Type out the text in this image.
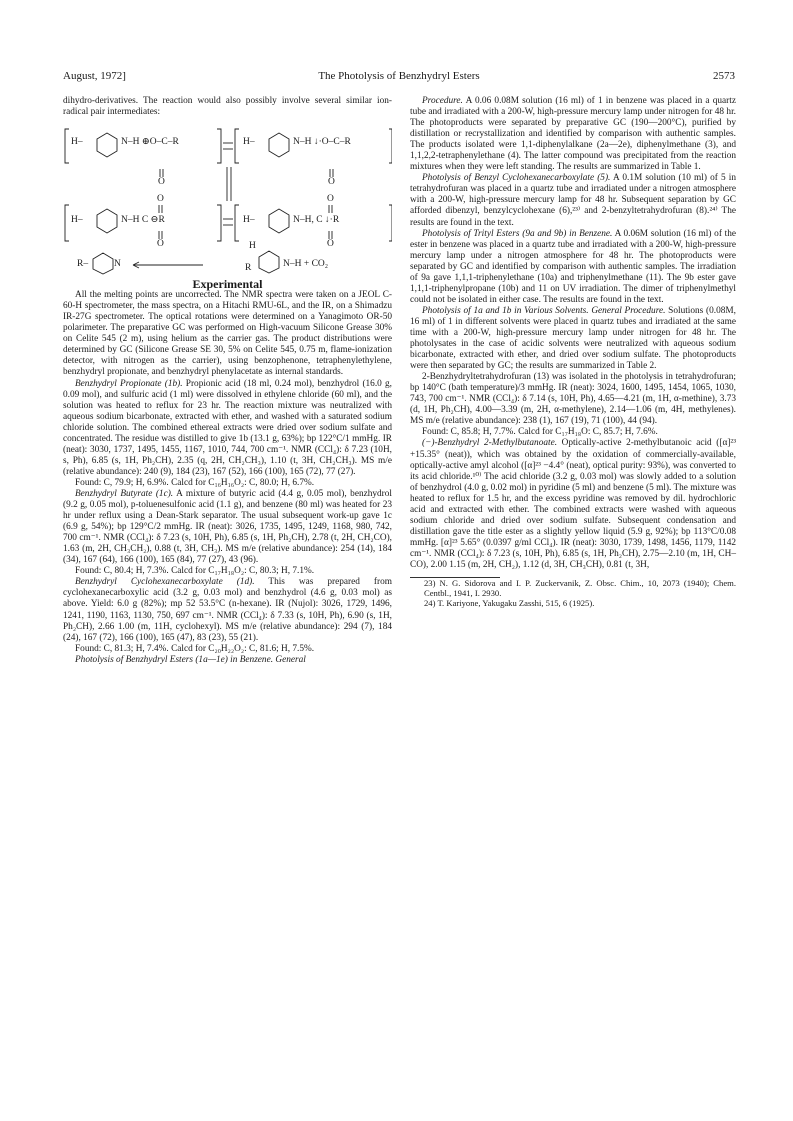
August, 1972]	The Photolysis of Benzhydryl Esters	2573

dihydro-derivatives. The reaction would also possibly involve several similar ion-radical pair intermediates:

H–	N–H ⊕O–C–R	H–	N–H ↓·O–C–R
O	O
O	O
H–	N–H C ⊖R	H–	N–H, C ↓·R
O	O
H
R–	N	R	N–H + CO₂

Experimental

All the melting points are uncorrected. The NMR spectra were taken on a JEOL C-60-H spectrometer, the mass spectra, on a Hitachi RMU-6L, and the IR, on a Shimadzu IR-27G spectrometer. The optical rotations were determined on a Yanagimoto OR-50 polarimeter. The preparative GC was performed on High-vacuum Silicone Grease 30% on Celite 545 (2 m), using helium as the carrier gas. The product distributions were determined by GC (Silicone Grease SE 30, 5% on Celite 545, 0.75 m, flame-ionization detector, with nitrogen as the carrier), using benzophenone, tetraphenylethylene, benzhydryl propionate, and benzhydryl phenylacetate as internal standards.

Benzhydryl Propionate (1b). Propionic acid (18 ml, 0.24 mol), benzhydrol (16.0 g, 0.09 mol), and sulfuric acid (1 ml) were dissolved in ethylene chloride (60 ml), and the solution was heated to reflux for 23 hr. The reaction mixture was neutralized with aqueous sodium bicarbonate, extracted with ether, and washed with a saturated sodium chloride solution. The combined ethereal extracts were dried over sodium sulfate and concentrated. The residue was distilled to give 1b (13.1 g, 63%); bp 122°C/1 mmHg. IR (neat): 3030, 1737, 1495, 1455, 1167, 1010, 744, 700 cm⁻¹. NMR (CCl₄): δ 7.23 (10H, s, Ph), 6.85 (s, 1H, Ph₂CH), 2.35 (q, 2H, CH₂CH₃), 1.10 (t, 3H, CH₂CH₃). MS m/e (relative abundance): 240 (9), 184 (23), 167 (52), 166 (100), 165 (72), 77 (27).

Found: C, 79.9; H, 6.9%. Calcd for C₁₆H₁₆O₂: C, 80.0; H, 6.7%.

Benzhydryl Butyrate (1c). A mixture of butyric acid (4.4 g, 0.05 mol), benzhydrol (9.2 g, 0.05 mol), p-toluenesulfonic acid (1.1 g), and benzene (80 ml) was heated for 23 hr under reflux using a Dean-Stark separator. The usual subsequent work-up gave 1c (6.9 g, 54%); bp 129°C/2 mmHg. IR (neat): 3026, 1735, 1495, 1249, 1168, 980, 742, 700 cm⁻¹. NMR (CCl₄): δ 7.23 (s, 10H, Ph), 6.85 (s, 1H, Ph₂CH), 2.78 (t, 2H, CH₂CO), 1.63 (m, 2H, CH₃CH₂), 0.88 (t, 3H, CH₃). MS m/e (relative abundance): 254 (14), 184 (34), 167 (64), 166 (100), 165 (84), 77 (27), 43 (96).

Found: C, 80.4; H, 7.3%. Calcd for C₁₇H₁₈O₂: C, 80.3; H, 7.1%.

Benzhydryl Cyclohexanecarboxylate (1d). This was prepared from cyclohexanecarboxylic acid (3.2 g, 0.03 mol) and benzhydrol (4.6 g, 0.03 mol) as above. Yield: 6.0 g (82%); mp 52 53.5°C (n-hexane). IR (Nujol): 3026, 1729, 1496, 1241, 1190, 1163, 1130, 750, 697 cm⁻¹. NMR (CCl₄): δ 7.33 (s, 10H, Ph), 6.90 (s, 1H, Ph₂CH), 2.66 1.00 (m, 11H, cyclohexyl). MS m/e (relative abundance): 294 (7), 184 (24), 167 (72), 166 (100), 165 (47), 83 (23), 55 (21).

Found: C, 81.3; H, 7.4%. Calcd for C₂₀H₂₂O₂: C, 81.6; H, 7.5%.

Photolysis of Benzhydryl Esters (1a—1e) in Benzene. General

Procedure. A 0.06 0.08M solution (16 ml) of 1 in benzene was placed in a quartz tube and irradiated with a 200-W, high-pressure mercury lamp under nitrogen for 48 hr. The photoproducts were separated by preparative GC (190—200°C), purified by distillation or recrystallization and identified by comparison with authentic samples. The products isolated were 1,1-diphenylalkane (2a—2e), diphenylmethane (3), and 1,1,2,2-tetraphenylethane (4). The latter compound was precipitated from the reaction mixtures when they were left standing. The results are summarized in Table 1.

Photolysis of Benzyl Cyclohexanecarboxylate (5). A 0.1M solution (10 ml) of 5 in tetrahydrofuran was placed in a quartz tube and irradiated under a nitrogen atmosphere with a 200-W, high-pressure mercury lamp for 48 hr. Subsequent separation by GC afforded dibenzyl, benzylcyclohexane (6),²³⁾ and 2-benzyltetrahydrofuran (8).²⁴⁾ The results are found in the text.

Photolysis of Trityl Esters (9a and 9b) in Benzene. A 0.06M solution (16 ml) of the ester in benzene was placed in a quartz tube and irradiated with a 200-W, high-pressure mercury lamp under a nitrogen atmosphere for 48 hr. The photoproducts were separated by GC and identified by comparison with authentic samples. The irradiation of 9a gave 1,1,1-triphenylethane (10a) and triphenylmethane (11). The 9b ester gave 1,1,1-triphenylpropane (10b) and 11 on UV irradiation. The dimer of triphenylmethyl could not be isolated in either case. The results are found in the text.

Photolysis of 1a and 1b in Various Solvents. General Procedure. Solutions (0.08M, 16 ml) of 1 in different solvents were placed in quartz tubes and irradiated at the same time with a 200-W, high-pressure mercury lamp under nitrogen for 48 hr. The photolysates in the case of acidic solvents were neutralized with aqueous sodium bicarbonate, extracted with ether, and dried over sodium sulfate. The photoproducts were then separated by GC; the results are summarized in Table 2.

2-Benzhydryltetrahydrofuran (13) was isolated in the photolysis in tetrahydrofuran; bp 140°C (bath temperature)/3 mmHg. IR (neat): 3024, 1600, 1495, 1454, 1065, 1030, 743, 700 cm⁻¹. NMR (CCl₄): δ 7.14 (s, 10H, Ph), 4.65—4.21 (m, 1H, α-methine), 3.73 (d, 1H, Ph₂CH), 4.00—3.39 (m, 2H, α-methylene), 2.14—1.06 (m, 4H, methylenes). MS m/e (relative abundance): 238 (1), 167 (19), 71 (100), 44 (94).

Found: C, 85.8; H, 7.7%. Calcd for C₁₇H₁₈O: C, 85.7; H, 7.6%.

(−)-Benzhydryl 2-Methylbutanoate. Optically-active 2-methylbutanoic acid ([α]²³ +15.35° (neat)), which was obtained by the oxidation of commercially-available, optically-active amyl alcohol ([α]²³ −4.4° (neat), optical purity: 93%), was converted to its acid chloride.¹⁰⁾ The acid chloride (3.2 g, 0.03 mol) was slowly added to a solution of benzhydrol (4.0 g, 0.02 mol) in pyridine (5 ml) and benzene (5 ml). The mixture was heated to reflux for 1.5 hr, and the excess pyridine was removed by dil. hydrochloric acid and extracted with ether. The combined extracts were washed with aqueous sodium chloride and dried over sodium sulfate. Subsequent condensation and distillation gave the title ester as a slightly yellow liquid (5.9 g, 92%); bp 113°C/0.08 mmHg. [α]²³ 5.65° (0.0397 g/ml CCl₄). IR (neat): 3030, 1739, 1498, 1456, 1179, 1142 cm⁻¹. NMR (CCl₄): δ 7.23 (s, 10H, Ph), 6.85 (s, 1H, Ph₂CH), 2.75—2.10 (m, 1H, CH–CO), 2.00 1.15 (m, 2H, CH₂), 1.12 (d, 3H, CH₃CH), 0.81 (t, 3H,

23) N. G. Sidorova and I. P. Zuckervanik, Z. Obsc. Chim., 10, 2073 (1940); Chem. Centbl., 1941, I. 2930.

24) T. Kariyone, Yakugaku Zasshi, 515, 6 (1925).
